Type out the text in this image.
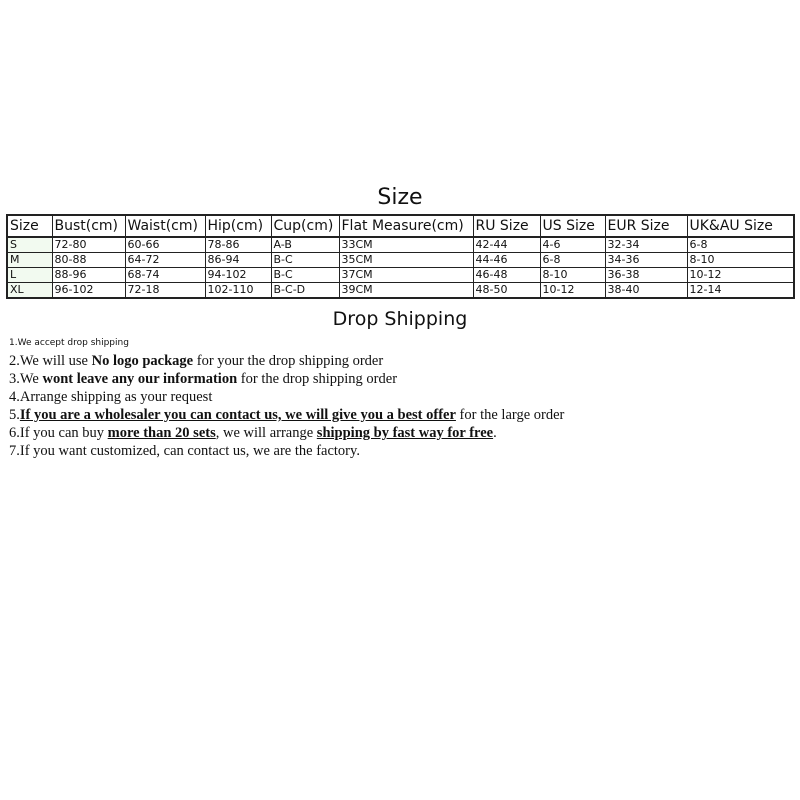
Size
Size	Bust(cm)	Waist(cm)	Hip(cm)	Cup(cm)	Flat Measure(cm)	RU Size	US Size	EUR Size	UK&AU Size
S	72-80	60-66	78-86	A-B	33CM	42-44	4-6	32-34	6-8
M	80-88	64-72	86-94	B-C	35CM	44-46	6-8	34-36	8-10
L	88-96	68-74	94-102	B-C	37CM	46-48	8-10	36-38	10-12
XL	96-102	72-18	102-110	B-C-D	39CM	48-50	10-12	38-40	12-14
Drop Shipping
1.We accept drop shipping
2.We will use No logo package for your the drop shipping order
3.We wont leave any our information for the drop shipping order
4.Arrange shipping as your request
5.If you are a wholesaler you can contact us, we will give you a best offer for the large order
6.If you can buy more than 20 sets, we will arrange shipping by fast way for free.
7.If you want customized, can contact us, we are the factory.
